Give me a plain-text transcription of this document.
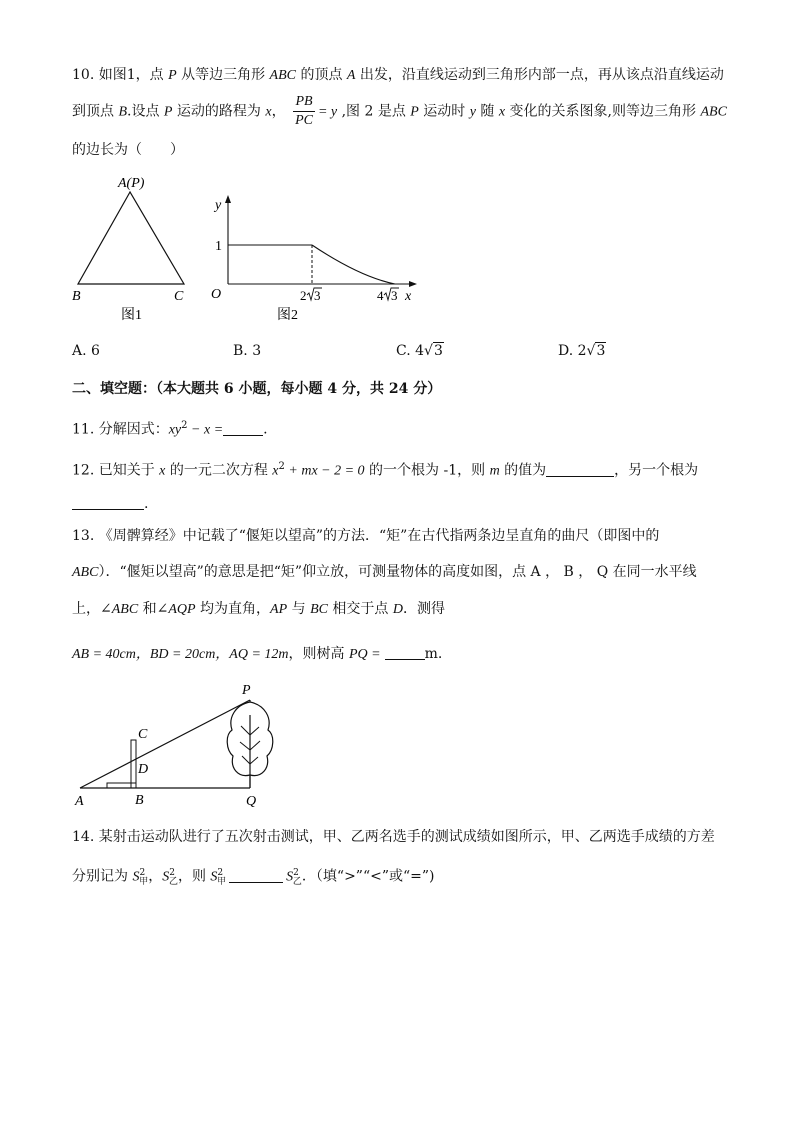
10. 如图1，点 P 从等边三角形 ABC 的顶点 A 出发，沿直线运动到三角形内部一点，再从该点沿直线运动
到顶点 B.设点 P 运动的路程为 x， $\frac{PB}{PC} = y$ ,图 2 是点 P 运动时 y 随 x 变化的关系图象,则等边三角形 ABC
的边长为（　　）
A(P)
B	C
图1
y
1
O	2 3	4 3 x
图2
A. 6	B. 3	C. 4√3	D. 2√3
二、填空题：（本大题共 6 小题，每小题 4 分，共 24 分）
11. 分解因式：$xy^2 - x$ =	.
12. 已知关于 x 的一元二次方程 $x^2$ + mx − 2 = 0 的一个根为 -1，则 m 的值为	，另一个根为
.
13. 《周髀算经》中记载了“偃矩以望高”的方法．“矩”在古代指两条边呈直角的曲尺（即图中的
ABC）．“偃矩以望高”的意思是把“矩”仰立放，可测量物体的高度如图，点 A ， B ， Q 在同一水平线
上，∠ABC 和∠AQP 均为直角，AP 与 BC 相交于点 D．测得
AB = 40cm，BD = 20cm，AQ = 12m，则树高 PQ =	m.
P
C
D
A	B	Q
14. 某射击运动队进行了五次射击测试，甲、乙两名选手的测试成绩如图所示，甲、乙两选手成绩的方差
分别记为 $S^2_甲$，$S^2_乙$，则 $S^2_甲$	$S^2_乙$．（填“>”“<”或“=”)
